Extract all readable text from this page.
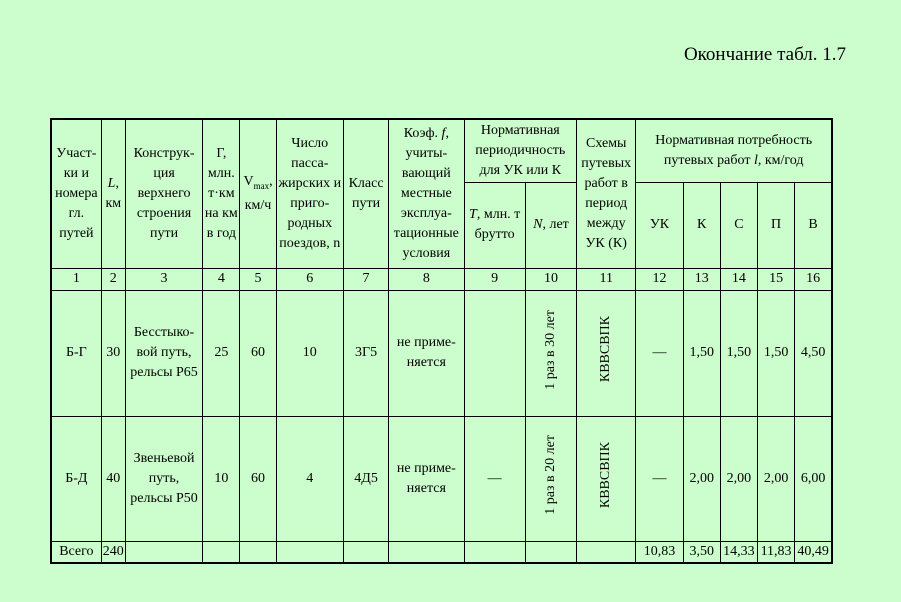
Окончание табл. 1.7
Участ-ки и номера гл. путей	L, км	Конструк-ция верхнего строения пути	Г, млн. т·км на км в год	$V_{max}$, км/ч	Число пасса-жирских и приго-родных поездов, n	Класс пути	Коэф. f, учиты-вающий местные эксплуа-тационные условия	Нормативная периодичность для УК или К		Схемы путевых работ в период между УК (К)	Нормативная потребность путевых работ l, км/год				
								T, млн. т брутто	N, лет		УК	К	С	П	В
1	2	3	4	5	6	7	8	9	10	11	12	13	14	15	16
Б-Г	30	Бесстыко-вой путь, рельсы Р65	25	60	10	3Г5	не приме-няется		1 раз в 30 лет	КВВСВПК	—	1,50	1,50	1,50	4,50
Б-Д	40	Звеньевой путь, рельсы Р50	10	60	4	4Д5	не приме-няется	—	1 раз в 20 лет	КВВСВПК	—	2,00	2,00	2,00	6,00
Всего	240										10,83	3,50	14,33	11,83	40,49
